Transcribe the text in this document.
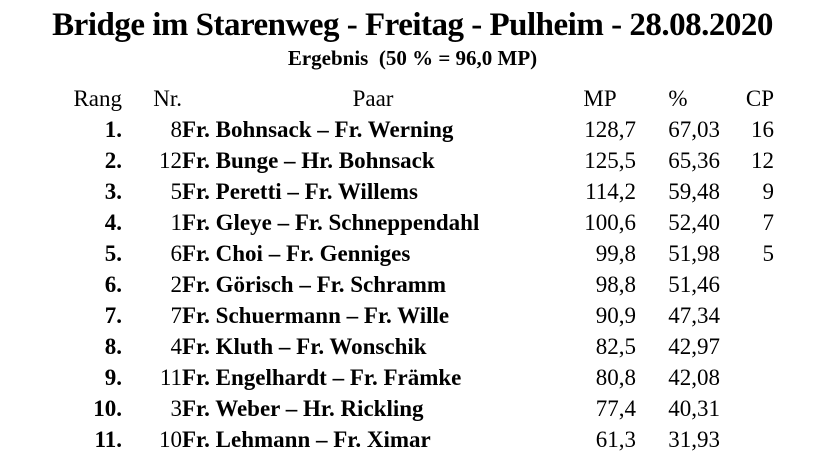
Bridge im Starenweg - Freitag - Pulheim - 28.08.2020
Ergebnis  (50 % = 96,0 MP)
Rang	Nr.	Paar	MP	%	CP
1.	8	Fr. Bohnsack – Fr. Werning	128,7	67,03	16
2.	12	Fr. Bunge – Hr. Bohnsack	125,5	65,36	12
3.	5	Fr. Peretti – Fr. Willems	114,2	59,48	9
4.	1	Fr. Gleye – Fr. Schneppendahl	100,6	52,40	7
5.	6	Fr. Choi – Fr. Genniges	99,8	51,98	5
6.	2	Fr. Görisch – Fr. Schramm	98,8	51,46	
7.	7	Fr. Schuermann – Fr. Wille	90,9	47,34	
8.	4	Fr. Kluth – Fr. Wonschik	82,5	42,97	
9.	11	Fr. Engelhardt – Fr. Främke	80,8	42,08	
10.	3	Fr. Weber – Hr. Rickling	77,4	40,31	
11.	10	Fr. Lehmann – Fr. Ximar	61,3	31,93	
